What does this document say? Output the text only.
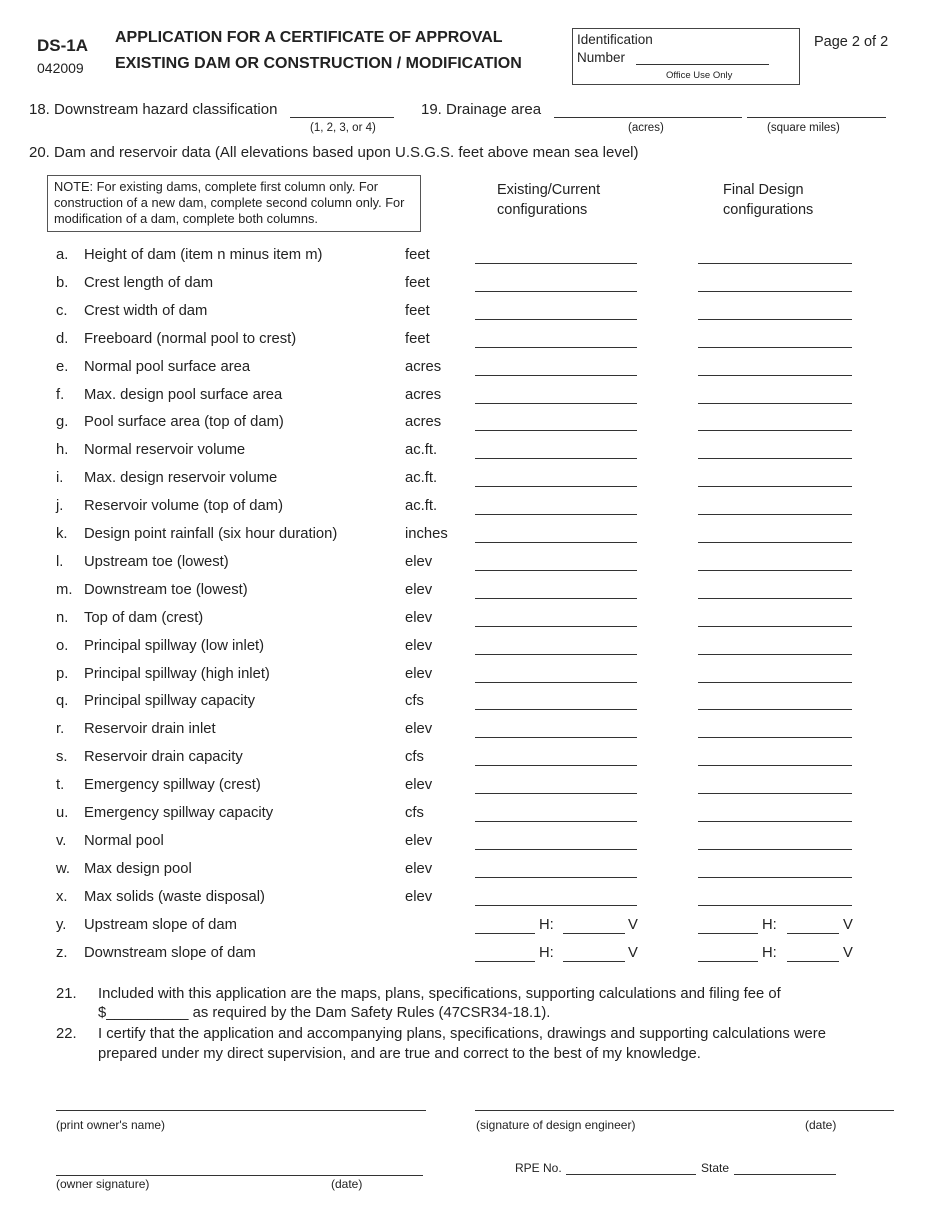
DS-1A
042009
APPLICATION FOR A CERTIFICATE OF APPROVAL
EXISTING DAM OR CONSTRUCTION / MODIFICATION
Identification
Number
Office Use Only
Page 2 of 2
18. Downstream hazard classification
(1, 2, 3, or 4)
19. Drainage area
(acres)	(square miles)
20. Dam and reservoir data (All elevations based upon U.S.G.S. feet above mean sea level)
NOTE: For existing dams, complete first column only. For construction of a new dam, complete second column only. For modification of a dam, complete both columns.
Existing/Current
configurations
Final Design
configurations
a. Height of dam (item n minus item m)	feet
b. Crest length of dam	feet
c. Crest width of dam	feet
d. Freeboard (normal pool to crest)	feet
e. Normal pool surface area	acres
f. Max. design pool surface area	acres
g. Pool surface area (top of dam)	acres
h. Normal reservoir volume	ac.ft.
i. Max. design reservoir volume	ac.ft.
j. Reservoir volume (top of dam)	ac.ft.
k. Design point rainfall (six hour duration)	inches
l. Upstream toe (lowest)	elev
m. Downstream toe (lowest)	elev
n. Top of dam (crest)	elev
o. Principal spillway (low inlet)	elev
p. Principal spillway (high inlet)	elev
q. Principal spillway capacity	cfs
r. Reservoir drain inlet	elev
s. Reservoir drain capacity	cfs
t. Emergency spillway (crest)	elev
u. Emergency spillway capacity	cfs
v. Normal pool	elev
w. Max design pool	elev
x. Max solids (waste disposal)	elev
y. Upstream slope of dam	H:	V	H:	V
z. Downstream slope of dam	H:	V	H:	V
21. Included with this application are the maps, plans, specifications, supporting calculations and filing fee of
$__________ as required by the Dam Safety Rules (47CSR34-18.1).
22. I certify that the application and accompanying plans, specifications, drawings and supporting calculations were
prepared under my direct supervision, and are true and correct to the best of my knowledge.
(print owner's name)	(signature of design engineer)	(date)
RPE No.	State
(owner signature)	(date)
